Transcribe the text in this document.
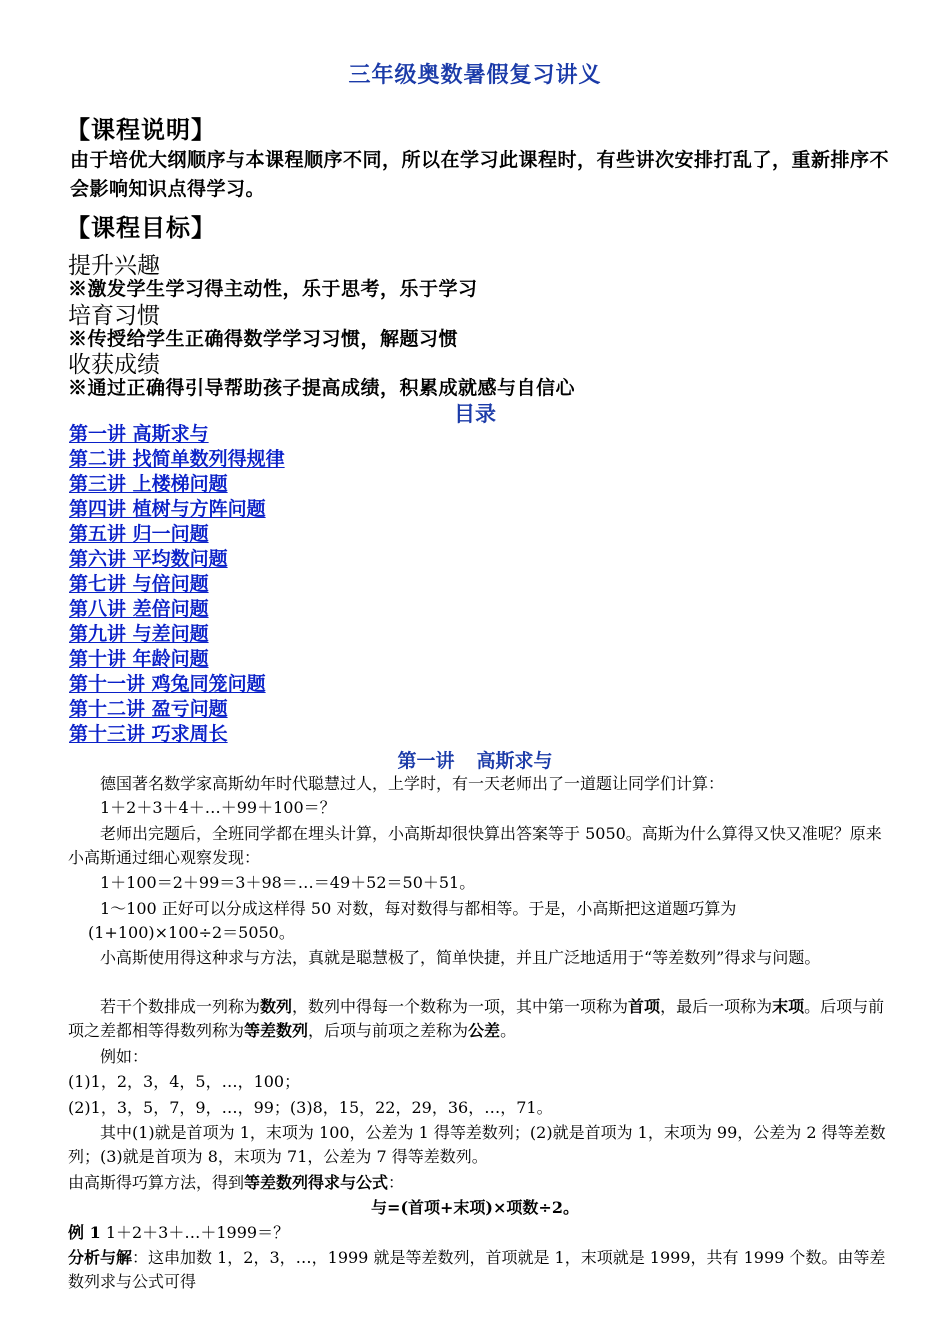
三年级奥数暑假复习讲义
【课程说明】
由于培优大纲顺序与本课程顺序不同，所以在学习此课程时，有些讲次安排打乱了，重新排序不会影响知识点得学习。
【课程目标】
提升兴趣
※激发学生学习得主动性，乐于思考，乐于学习
培育习惯
※传授给学生正确得数学学习习惯，解题习惯
收获成绩
※通过正确得引导帮助孩子提高成绩，积累成就感与自信心
目录
第一讲 高斯求与
第二讲 找简单数列得规律
第三讲 上楼梯问题
第四讲 植树与方阵问题
第五讲 归一问题
第六讲 平均数问题
第七讲 与倍问题
第八讲 差倍问题
第九讲 与差问题
第十讲 年龄问题
第十一讲 鸡兔同笼问题
第十二讲 盈亏问题
第十三讲 巧求周长
第一讲 高斯求与
德国著名数学家高斯幼年时代聪慧过人，上学时，有一天老师出了一道题让同学们计算：
1＋2＋3＋4＋…＋99＋100＝？
老师出完题后，全班同学都在埋头计算，小高斯却很快算出答案等于 5050。高斯为什么算得又快又准呢？原来小高斯通过细心观察发现：
1＋100＝2＋99＝3＋98＝…＝49＋52＝50＋51。
1～100 正好可以分成这样得 50 对数，每对数得与都相等。于是，小高斯把这道题巧算为
(1+100)×100÷2＝5050。
小高斯使用得这种求与方法，真就是聪慧极了，简单快捷，并且广泛地适用于“等差数列”得求与问题。
若干个数排成一列称为数列，数列中得每一个数称为一项，其中第一项称为首项，最后一项称为末项。后项与前项之差都相等得数列称为等差数列，后项与前项之差称为公差。
例如：
(1)1，2，3，4，5，…，100；
(2)1，3，5，7，9，…，99；(3)8，15，22，29，36，…，71。
其中(1)就是首项为 1，末项为 100，公差为 1 得等差数列；(2)就是首项为 1，末项为 99，公差为 2 得等差数列；(3)就是首项为 8，末项为 71，公差为 7 得等差数列。
由高斯得巧算方法，得到等差数列得求与公式：
与=(首项+末项)×项数÷2。
例 1 1＋2＋3＋…＋1999＝？
分析与解：这串加数 1，2，3，…，1999 就是等差数列，首项就是 1，末项就是 1999，共有 1999 个数。由等差数列求与公式可得
